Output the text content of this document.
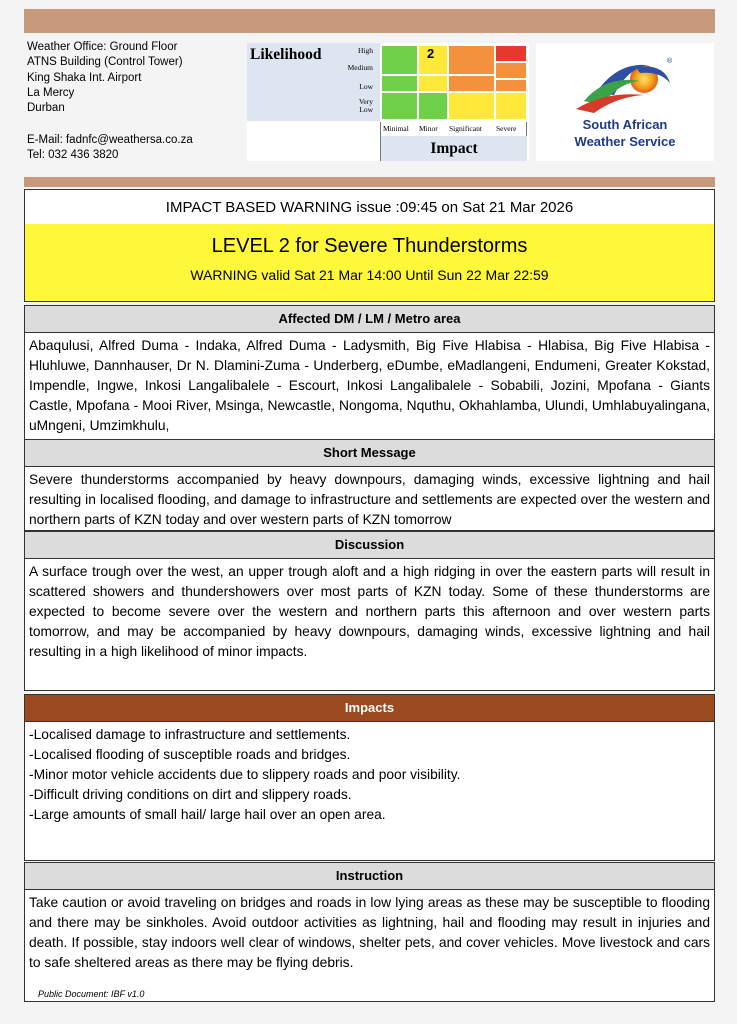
Weather Office: Ground Floor
ATNS Building (Control Tower)
King Shaka Int. Airport
La Mercy
Durban
E-Mail: fadnfc@weathersa.co.za
Tel: 032 436 3820
Likelihood	High
Medium
Low
Very Low
2
Minimal Minor Significant Severe
Impact
®
South African
Weather Service
IMPACT BASED WARNING issue :09:45 on Sat 21 Mar 2026
LEVEL 2 for Severe Thunderstorms
WARNING valid Sat 21 Mar 14:00 Until Sun 22 Mar 22:59
Affected DM / LM / Metro area
Abaqulusi, Alfred Duma - Indaka, Alfred Duma - Ladysmith, Big Five Hlabisa - Hlabisa, Big Five Hlabisa - Hluhluwe, Dannhauser, Dr N. Dlamini-Zuma - Underberg, eDumbe, eMadlangeni, Endumeni, Greater Kokstad, Impendle, Ingwe, Inkosi Langalibalele - Escourt, Inkosi Langalibalele - Sobabili, Jozini, Mpofana - Giants Castle, Mpofana - Mooi River, Msinga, Newcastle, Nongoma, Nquthu, Okhahlamba, Ulundi, Umhlabuyalingana, uMngeni, Umzimkhulu,
Short Message
Severe thunderstorms accompanied by heavy downpours, damaging winds, excessive lightning and hail resulting in localised flooding, and damage to infrastructure and settlements are expected over the western and northern parts of KZN today and over western parts of KZN tomorrow
Discussion
A surface trough over the west, an upper trough aloft and a high ridging in over the eastern parts will result in scattered showers and thundershowers over most parts of KZN today. Some of these thunderstorms are expected to become severe over the western and northern parts this afternoon and over western parts tomorrow, and may be accompanied by heavy downpours, damaging winds, excessive lightning and hail resulting in a high likelihood of minor impacts.
Impacts
-Localised damage to infrastructure and settlements.
-Localised flooding of susceptible roads and bridges.
-Minor motor vehicle accidents due to slippery roads and poor visibility.
-Difficult driving conditions on dirt and slippery roads.
-Large amounts of small hail/ large hail over an open area.
Instruction
Take caution or avoid traveling on bridges and roads in low lying areas as these may be susceptible to flooding and there may be sinkholes. Avoid outdoor activities as lightning, hail and flooding may result in injuries and death. If possible, stay indoors well clear of windows, shelter pets, and cover vehicles. Move livestock and cars to safe sheltered areas as there may be flying debris.
Public Document: IBF v1.0
